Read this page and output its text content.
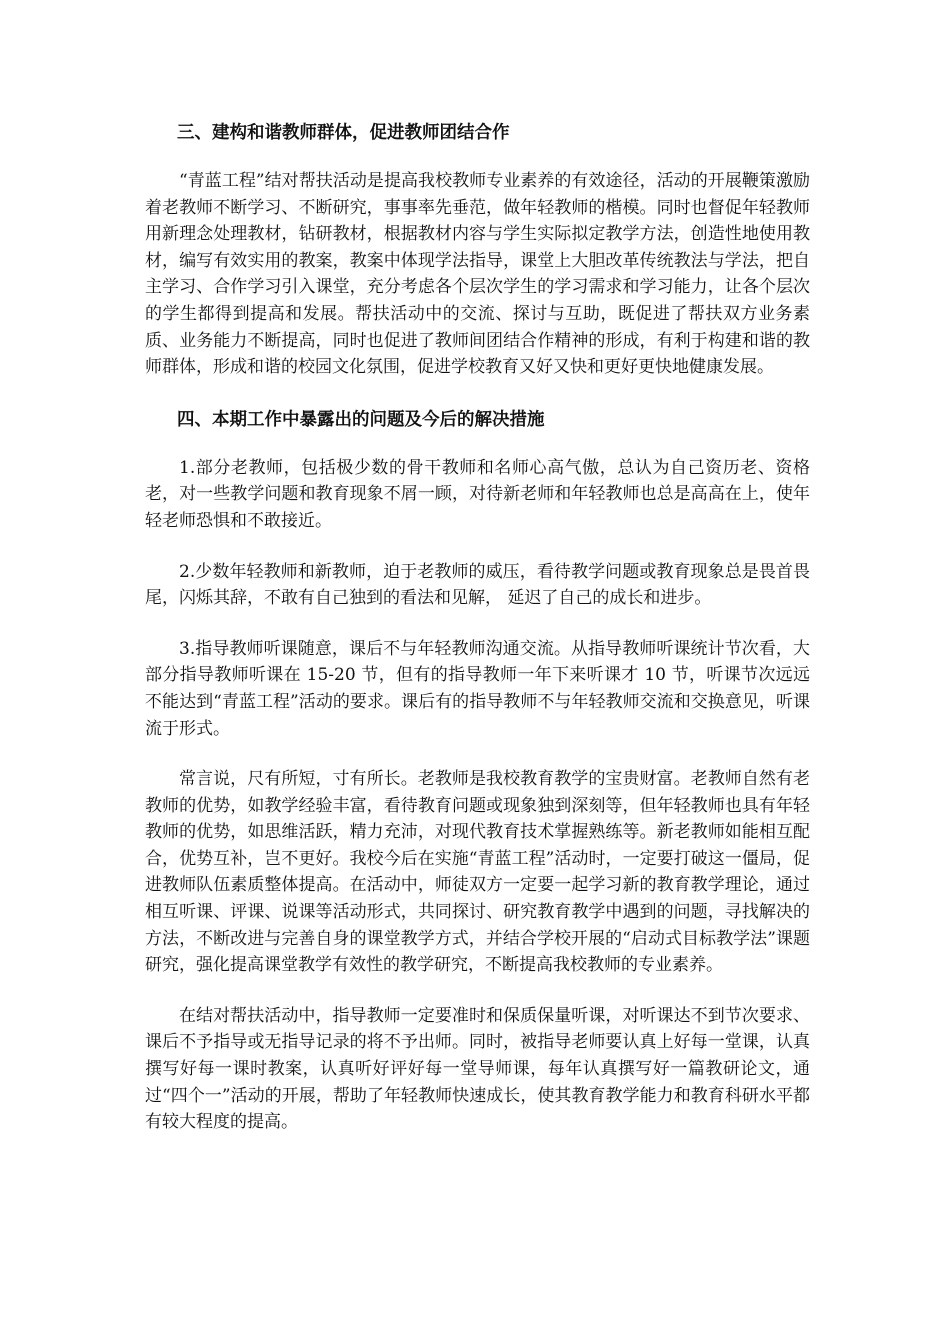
三、建构和谐教师群体，促进教师团结合作

“青蓝工程”结对帮扶活动是提高我校教师专业素养的有效途径，活动的开展鞭策激励着老教师不断学习、不断研究，事事率先垂范，做年轻教师的楷模。同时也督促年轻教师用新理念处理教材，钻研教材，根据教材内容与学生实际拟定教学方法，创造性地使用教材，编写有效实用的教案，教案中体现学法指导，课堂上大胆改革传统教法与学法，把自主学习、合作学习引入课堂，充分考虑各个层次学生的学习需求和学习能力，让各个层次的学生都得到提高和发展。帮扶活动中的交流、探讨与互助，既促进了帮扶双方业务素质、业务能力不断提高，同时也促进了教师间团结合作精神的形成，有利于构建和谐的教师群体，形成和谐的校园文化氛围，促进学校教育又好又快和更好更快地健康发展。

四、本期工作中暴露出的问题及今后的解决措施

1.部分老教师，包括极少数的骨干教师和名师心高气傲，总认为自己资历老、资格老，对一些教学问题和教育现象不屑一顾，对待新老师和年轻教师也总是高高在上，使年轻老师恐惧和不敢接近。

2.少数年轻教师和新教师，迫于老教师的威压，看待教学问题或教育现象总是畏首畏尾，闪烁其辞，不敢有自己独到的看法和见解， 延迟了自己的成长和进步。

3.指导教师听课随意，课后不与年轻教师沟通交流。从指导教师听课统计节次看，大部分指导教师听课在 15-20 节，但有的指导教师一年下来听课才 10 节，听课节次远远不能达到“青蓝工程”活动的要求。课后有的指导教师不与年轻教师交流和交换意见，听课流于形式。

常言说，尺有所短，寸有所长。老教师是我校教育教学的宝贵财富。老教师自然有老教师的优势，如教学经验丰富，看待教育问题或现象独到深刻等，但年轻教师也具有年轻教师的优势，如思维活跃，精力充沛，对现代教育技术掌握熟练等。新老教师如能相互配合，优势互补，岂不更好。我校今后在实施“青蓝工程”活动时，一定要打破这一僵局，促进教师队伍素质整体提高。在活动中，师徒双方一定要一起学习新的教育教学理论，通过相互听课、评课、说课等活动形式，共同探讨、研究教育教学中遇到的问题，寻找解决的方法，不断改进与完善自身的课堂教学方式，并结合学校开展的“启动式目标教学法”课题研究，强化提高课堂教学有效性的教学研究，不断提高我校教师的专业素养。

在结对帮扶活动中，指导教师一定要准时和保质保量听课，对听课达不到节次要求、课后不予指导或无指导记录的将不予出师。同时，被指导老师要认真上好每一堂课，认真撰写好每一课时教案，认真听好评好每一堂导师课，每年认真撰写好一篇教研论文，通过“四个一”活动的开展，帮助了年轻教师快速成长，使其教育教学能力和教育科研水平都有较大程度的提高。
